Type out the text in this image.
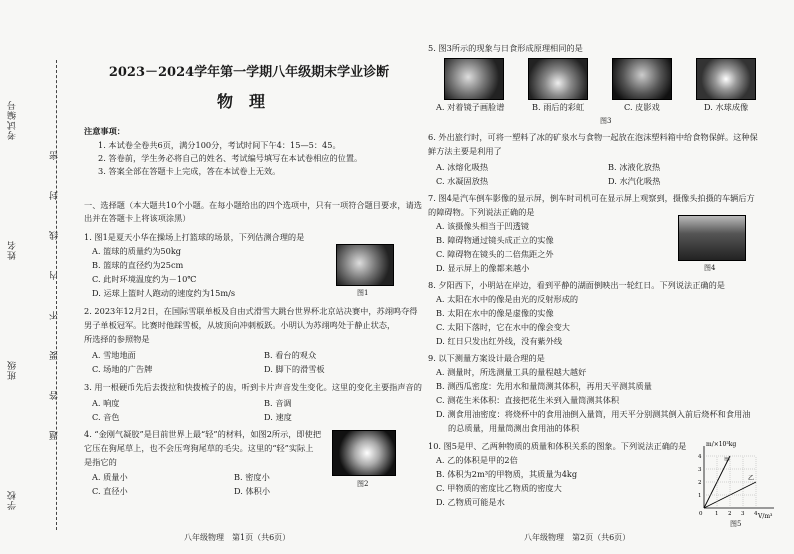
考试编号
姓名
班级
学校
密
封
线
内
不
要
答
题
2023－2024学年第一学期八年级期末学业诊断
物理
注意事项：
1. 本试卷全卷共6页，满分100分，考试时间下午4：15—5：45。
2. 答卷前，学生务必将自己的姓名、考试编号填写在本试卷相应的位置。
3. 答案全部在答题卡上完成，答在本试卷上无效。
一、选择题（本大题共10个小题。在每小题给出的四个选项中，只有一项符合题目要求，请选
出并在答题卡上将该项涂黑）
1. 图1是夏天小华在操场上打篮球的场景，下列估测合理的是
A. 篮球的质量约为50kg
B. 篮球的直径约为25cm
C. 此时环境温度约为－10℃
D. 运球上篮时人跑动的速度约为15m/s	图1
2. 2023年12月2日，在国际雪联单板及自由式滑雪大跳台世界杯北京站决赛中，苏翊鸣夺得
男子单板冠军。比赛时他踩雪板，从坡顶向冲刺板跃。小明认为苏翊鸣处于静止状态，
所选择的参照物是
A. 雪地地面	B. 看台的观众
C. 场地的广告牌	D. 脚下的滑雪板
3. 用一根硬币先后去拨拉和快拨梳子的齿，听到卡片声音发生变化。这里的变化主要指声音的
A. 响度	B. 音调
C. 音色	D. 速度
4. “金刚气凝胶”是目前世界上最“轻”的材料，如图2所示，即使把
它压在狗尾草上，也不会压弯狗尾草的毛尖。这里的“轻”实际上
是指它的
A. 质量小	B. 密度小
C. 直径小	D. 体积小
图2
八年级物理　第1页（共6页）
5. 图3所示的现象与日食形成原理相同的是
A. 对着镜子画脸谱	B. 雨后的彩虹	C. 皮影戏	D. 水球成像
图3
6. 外出旅行时，可将一塑料了冰的矿泉水与食物一起放在泡沫塑料箱中给食物保鲜。这种保
鲜方法主要是利用了
A. 冰熔化吸热	B. 冰液化放热
C. 水凝固放热	D. 水汽化吸热
7. 图4是汽车倒车影像的显示屏，倒车时司机可在显示屏上观察到，摄像头拍摄的车辆后方
的障碍物。下列说法正确的是
A. 该摄像头相当于凹透镜
B. 障碍物通过镜头成正立的实像
C. 障碍物在镜头的二倍焦距之外
D. 显示屏上的像都来越小	图4
8. 夕阳西下，小明站在岸边，看到平静的湖面倒映出一轮红日。下列说法正确的是
A. 太阳在水中的像是由光的反射形成的
B. 太阳在水中的像是虚像的实像
C. 太阳下落时，它在水中的像会变大
D. 红日只发出红外线，没有紫外线
9. 以下测量方案设计最合理的是
A. 测量时，所选测量工具的量程越大越好
B. 测西瓜密度：先用水和量筒测其体积，再用天平测其质量
C. 测花生米体积：直接把花生米到入量筒测其体积
D. 测食用油密度：将烧杯中的食用油倒入量筒，用天平分别测其倒入前后烧杯和食用油
的总质量，用量筒测出食用油的体积
10. 图5是甲、乙两种物质的质量和体积关系的图象。下列说法正确的是
A. 乙的体积是甲的2倍
B. 体积为2m³的甲物质，其质量为4kg
C. 甲物质的密度比乙物质的密度大
D. 乙物质可能是水
m/×10³kg
V/m³
甲
乙
0 1 2 3 4
1
2
3
4
图5
八年级物理　第2页（共6页）
